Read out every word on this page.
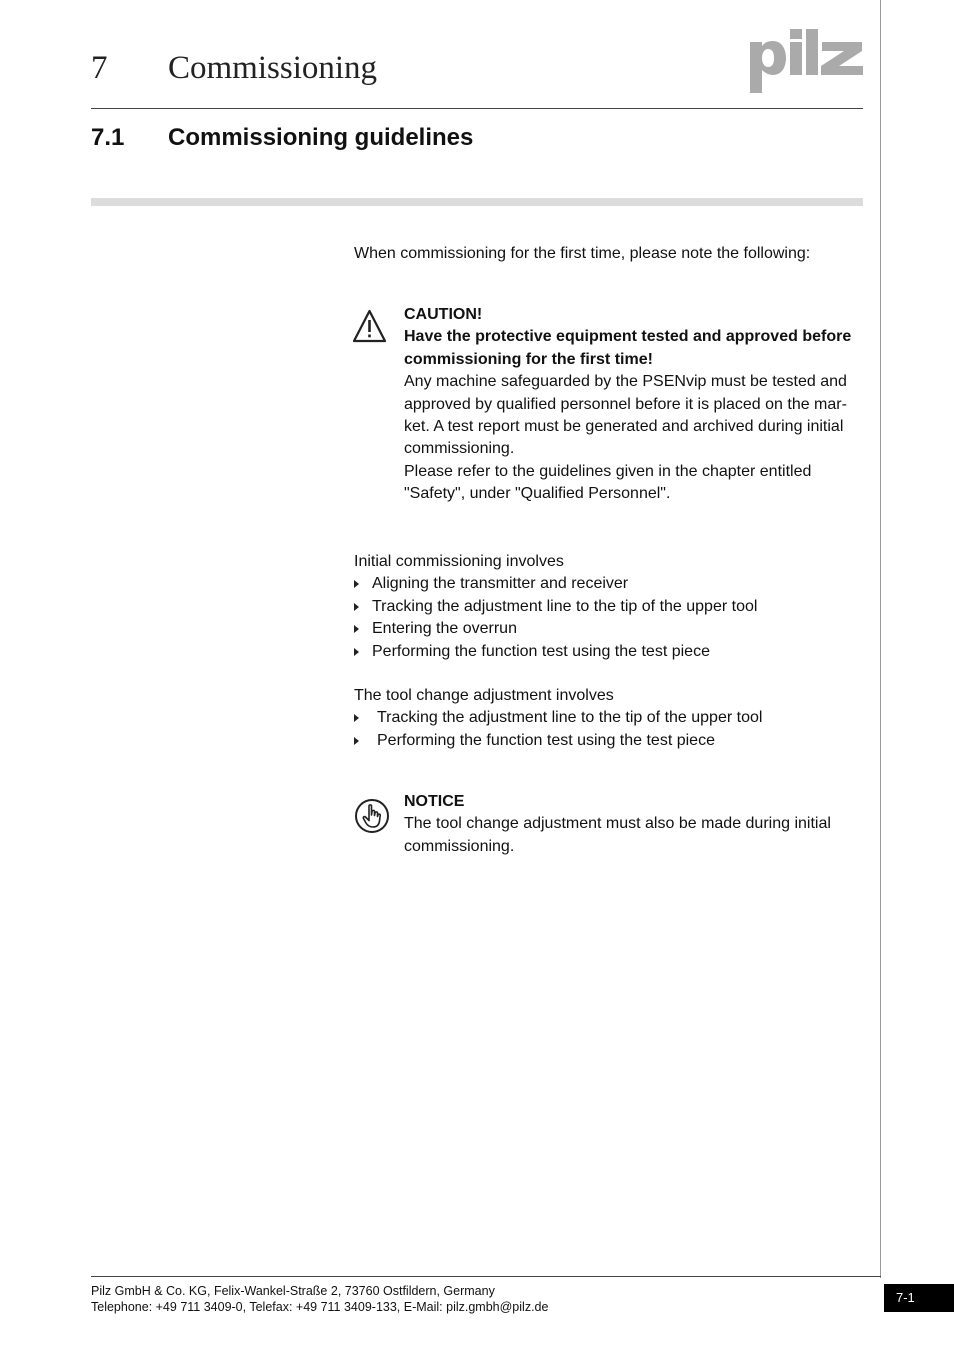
7 Commissioning
7.1 Commissioning guidelines
When commissioning for the first time, please note the following:
CAUTION!
Have the protective equipment tested and approved before
commissioning for the first time!
Any machine safeguarded by the PSENvip must be tested and
approved by qualified personnel before it is placed on the mar-
ket. A test report must be generated and archived during initial
commissioning.
Please refer to the guidelines given in the chapter entitled
"Safety", under "Qualified Personnel".
Initial commissioning involves
Aligning the transmitter and receiver
Tracking the adjustment line to the tip of the upper tool
Entering the overrun
Performing the function test using the test piece
The tool change adjustment involves
Tracking the adjustment line to the tip of the upper tool
Performing the function test using the test piece
NOTICE
The tool change adjustment must also be made during initial
commissioning.
Pilz GmbH & Co. KG, Felix-Wankel-Straße 2, 73760 Ostfildern, Germany
Telephone: +49 711 3409-0, Telefax: +49 711 3409-133, E-Mail: pilz.gmbh@pilz.de
7-1
